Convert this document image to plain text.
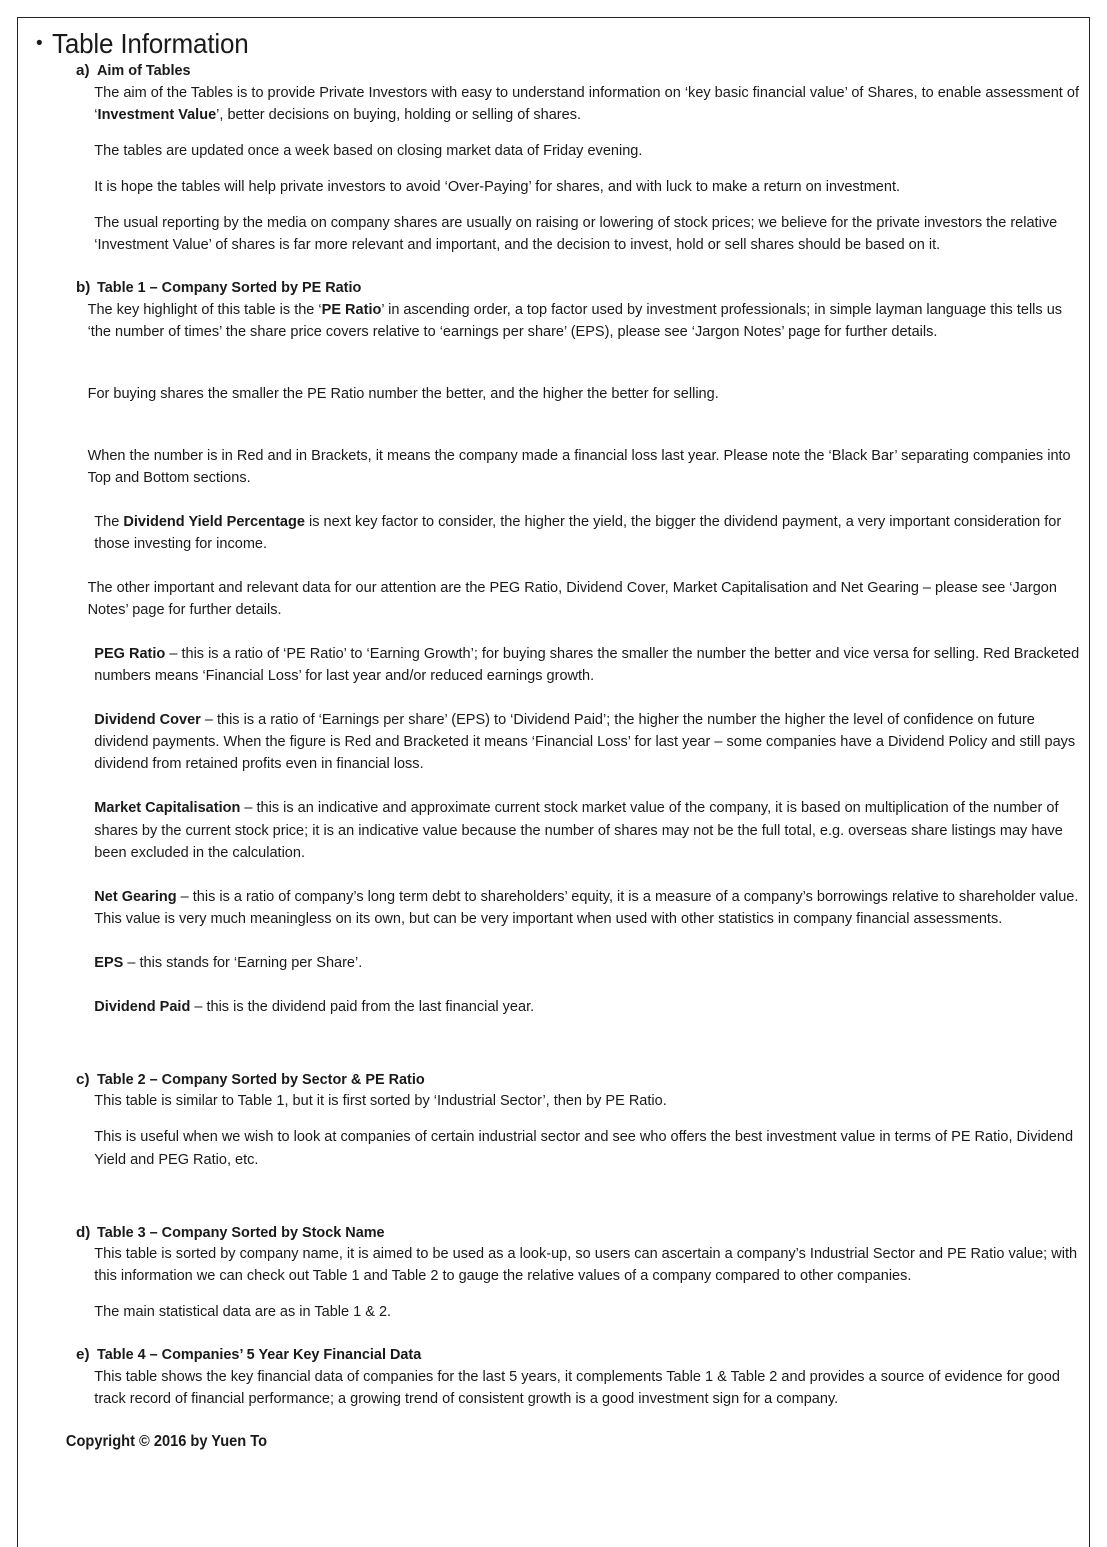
• Table Information
a) Aim of Tables

The aim of the Tables is to provide Private Investors with easy to understand information on ‘key basic financial value’ of Shares, to enable assessment of ‘Investment Value’, better decisions on buying, holding or selling of shares.

The tables are updated once a week based on closing market data of Friday evening.

It is hope the tables will help private investors to avoid ‘Over-Paying’ for shares, and with luck to make a return on investment.

The usual reporting by the media on company shares are usually on raising or lowering of stock prices; we believe for the private investors the relative ‘Investment Value’ of shares is far more relevant and important, and the decision to invest, hold or sell shares should be based on it.

b) Table 1 – Company Sorted by PE Ratio

The key highlight of this table is the ‘PE Ratio’ in ascending order, a top factor used by investment professionals; in simple layman language this tells us ‘the number of times’ the share price covers relative to ‘earnings per share’ (EPS), please see ‘Jargon Notes’ page for further details.

For buying shares the smaller the PE Ratio number the better, and the higher the better for selling.

When the number is in Red and in Brackets, it means the company made a financial loss last year. Please note the ‘Black Bar’ separating companies into Top and Bottom sections.

The Dividend Yield Percentage is next key factor to consider, the higher the yield, the bigger the dividend payment, a very important consideration for those investing for income.

The other important and relevant data for our attention are the PEG Ratio, Dividend Cover, Market Capitalisation and Net Gearing – please see ‘Jargon Notes’ page for further details.

PEG Ratio – this is a ratio of ‘PE Ratio’ to ‘Earning Growth’; for buying shares the smaller the number the better and vice versa for selling. Red Bracketed numbers means ‘Financial Loss’ for last year and/or reduced earnings growth.

Dividend Cover – this is a ratio of ‘Earnings per share’ (EPS) to ‘Dividend Paid’; the higher the number the higher the level of confidence on future dividend payments. When the figure is Red and Bracketed it means ‘Financial Loss’ for last year – some companies have a Dividend Policy and still pays dividend from retained profits even in financial loss.

Market Capitalisation – this is an indicative and approximate current stock market value of the company, it is based on multiplication of the number of shares by the current stock price; it is an indicative value because the number of shares may not be the full total, e.g. overseas share listings may have been excluded in the calculation.

Net Gearing – this is a ratio of company’s long term debt to shareholders’ equity, it is a measure of a company’s borrowings relative to shareholder value. This value is very much meaningless on its own, but can be very important when used with other statistics in company financial assessments.

EPS – this stands for ‘Earning per Share’.

Dividend Paid – this is the dividend paid from the last financial year.

c) Table 2 – Company Sorted by Sector & PE Ratio

This table is similar to Table 1, but it is first sorted by ‘Industrial Sector’, then by PE Ratio.

This is useful when we wish to look at companies of certain industrial sector and see who offers the best investment value in terms of PE Ratio, Dividend Yield and PEG Ratio, etc.

d) Table 3 – Company Sorted by Stock Name

This table is sorted by company name, it is aimed to be used as a look-up, so users can ascertain a company’s Industrial Sector and PE Ratio value; with this information we can check out Table 1 and Table 2 to gauge the relative values of a company compared to other companies.

The main statistical data are as in Table 1 & 2.

e) Table 4 – Companies’ 5 Year Key Financial Data

This table shows the key financial data of companies for the last 5 years, it complements Table 1 & Table 2 and provides a source of evidence for good track record of financial performance; a growing trend of consistent growth is a good investment sign for a company.

Copyright © 2016 by Yuen To
